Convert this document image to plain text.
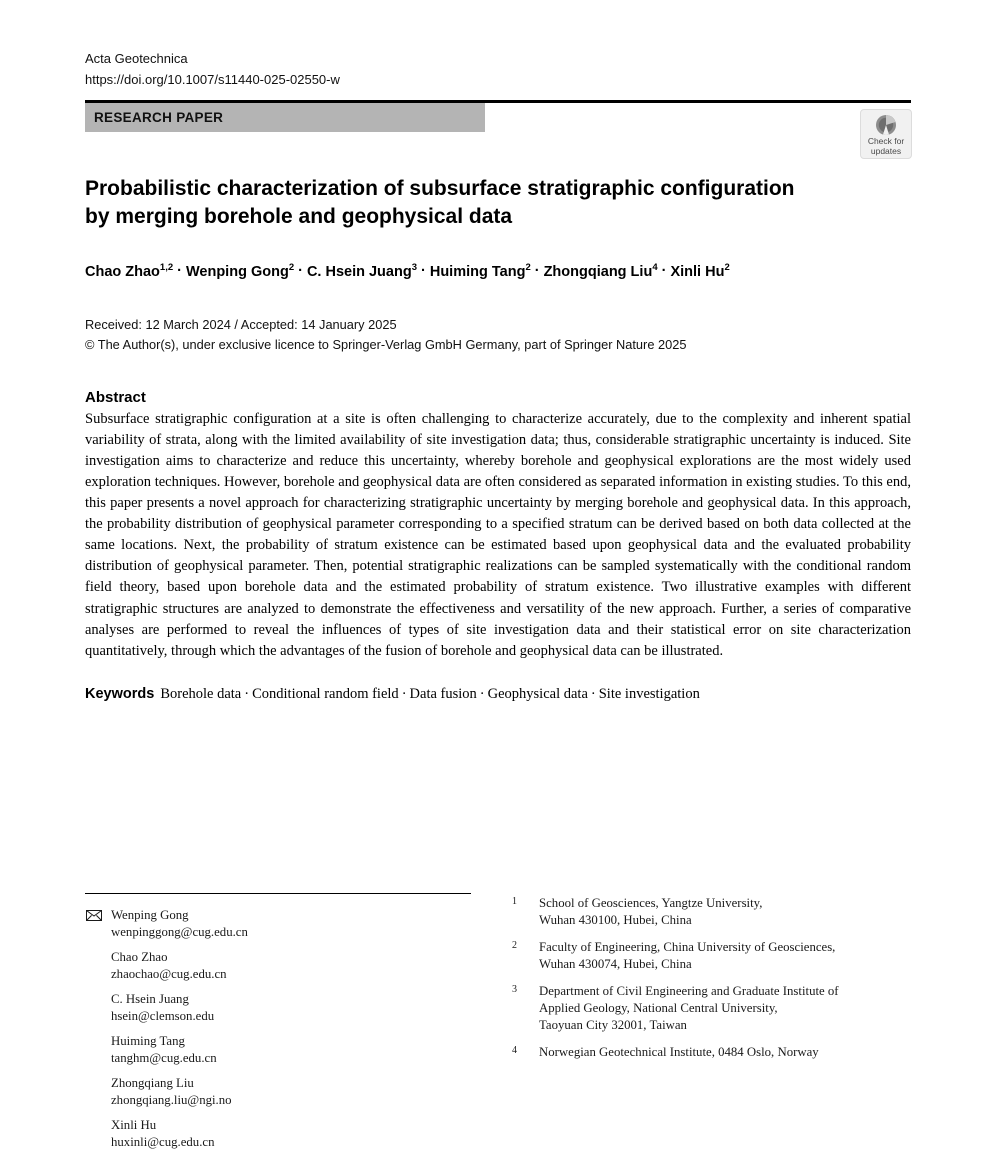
Acta Geotechnica
https://doi.org/10.1007/s11440-025-02550-w
RESEARCH PAPER
Check for
updates
Probabilistic characterization of subsurface stratigraphic configuration
by merging borehole and geophysical data
Chao Zhao$^{1,2}$ · Wenping Gong$^2$ · C. Hsein Juang$^3$ · Huiming Tang$^2$ · Zhongqiang Liu$^4$ · Xinli Hu$^2$
Received: 12 March 2024 / Accepted: 14 January 2025
© The Author(s), under exclusive licence to Springer-Verlag GmbH Germany, part of Springer Nature 2025
Abstract
Subsurface stratigraphic configuration at a site is often challenging to characterize accurately, due to the complexity and inherent spatial variability of strata, along with the limited availability of site investigation data; thus, considerable stratigraphic uncertainty is induced. Site investigation aims to characterize and reduce this uncertainty, whereby borehole and geophysical explorations are the most widely used exploration techniques. However, borehole and geophysical data are often considered as separated information in existing studies. To this end, this paper presents a novel approach for characterizing stratigraphic uncertainty by merging borehole and geophysical data. In this approach, the probability distribution of geophysical parameter corresponding to a specified stratum can be derived based on both data collected at the same locations. Next, the probability of stratum existence can be estimated based upon geophysical data and the evaluated probability distribution of geophysical parameter. Then, potential stratigraphic realizations can be sampled systematically with the conditional random field theory, based upon borehole data and the estimated probability of stratum existence. Two illustrative examples with different stratigraphic structures are analyzed to demonstrate the effectiveness and versatility of the new approach. Further, a series of comparative analyses are performed to reveal the influences of types of site investigation data and their statistical error on site characterization quantitatively, through which the advantages of the fusion of borehole and geophysical data can be illustrated.
Keywords Borehole data · Conditional random field · Data fusion · Geophysical data · Site investigation
Wenping Gong
wenpinggong@cug.edu.cn
Chao Zhao
zhaochao@cug.edu.cn
C. Hsein Juang
hsein@clemson.edu
Huiming Tang
tanghm@cug.edu.cn
Zhongqiang Liu
zhongqiang.liu@ngi.no
Xinli Hu
huxinli@cug.edu.cn
1	School of Geosciences, Yangtze University,
Wuhan 430100, Hubei, China
2	Faculty of Engineering, China University of Geosciences,
Wuhan 430074, Hubei, China
3	Department of Civil Engineering and Graduate Institute of
Applied Geology, National Central University,
Taoyuan City 32001, Taiwan
4	Norwegian Geotechnical Institute, 0484 Oslo, Norway
